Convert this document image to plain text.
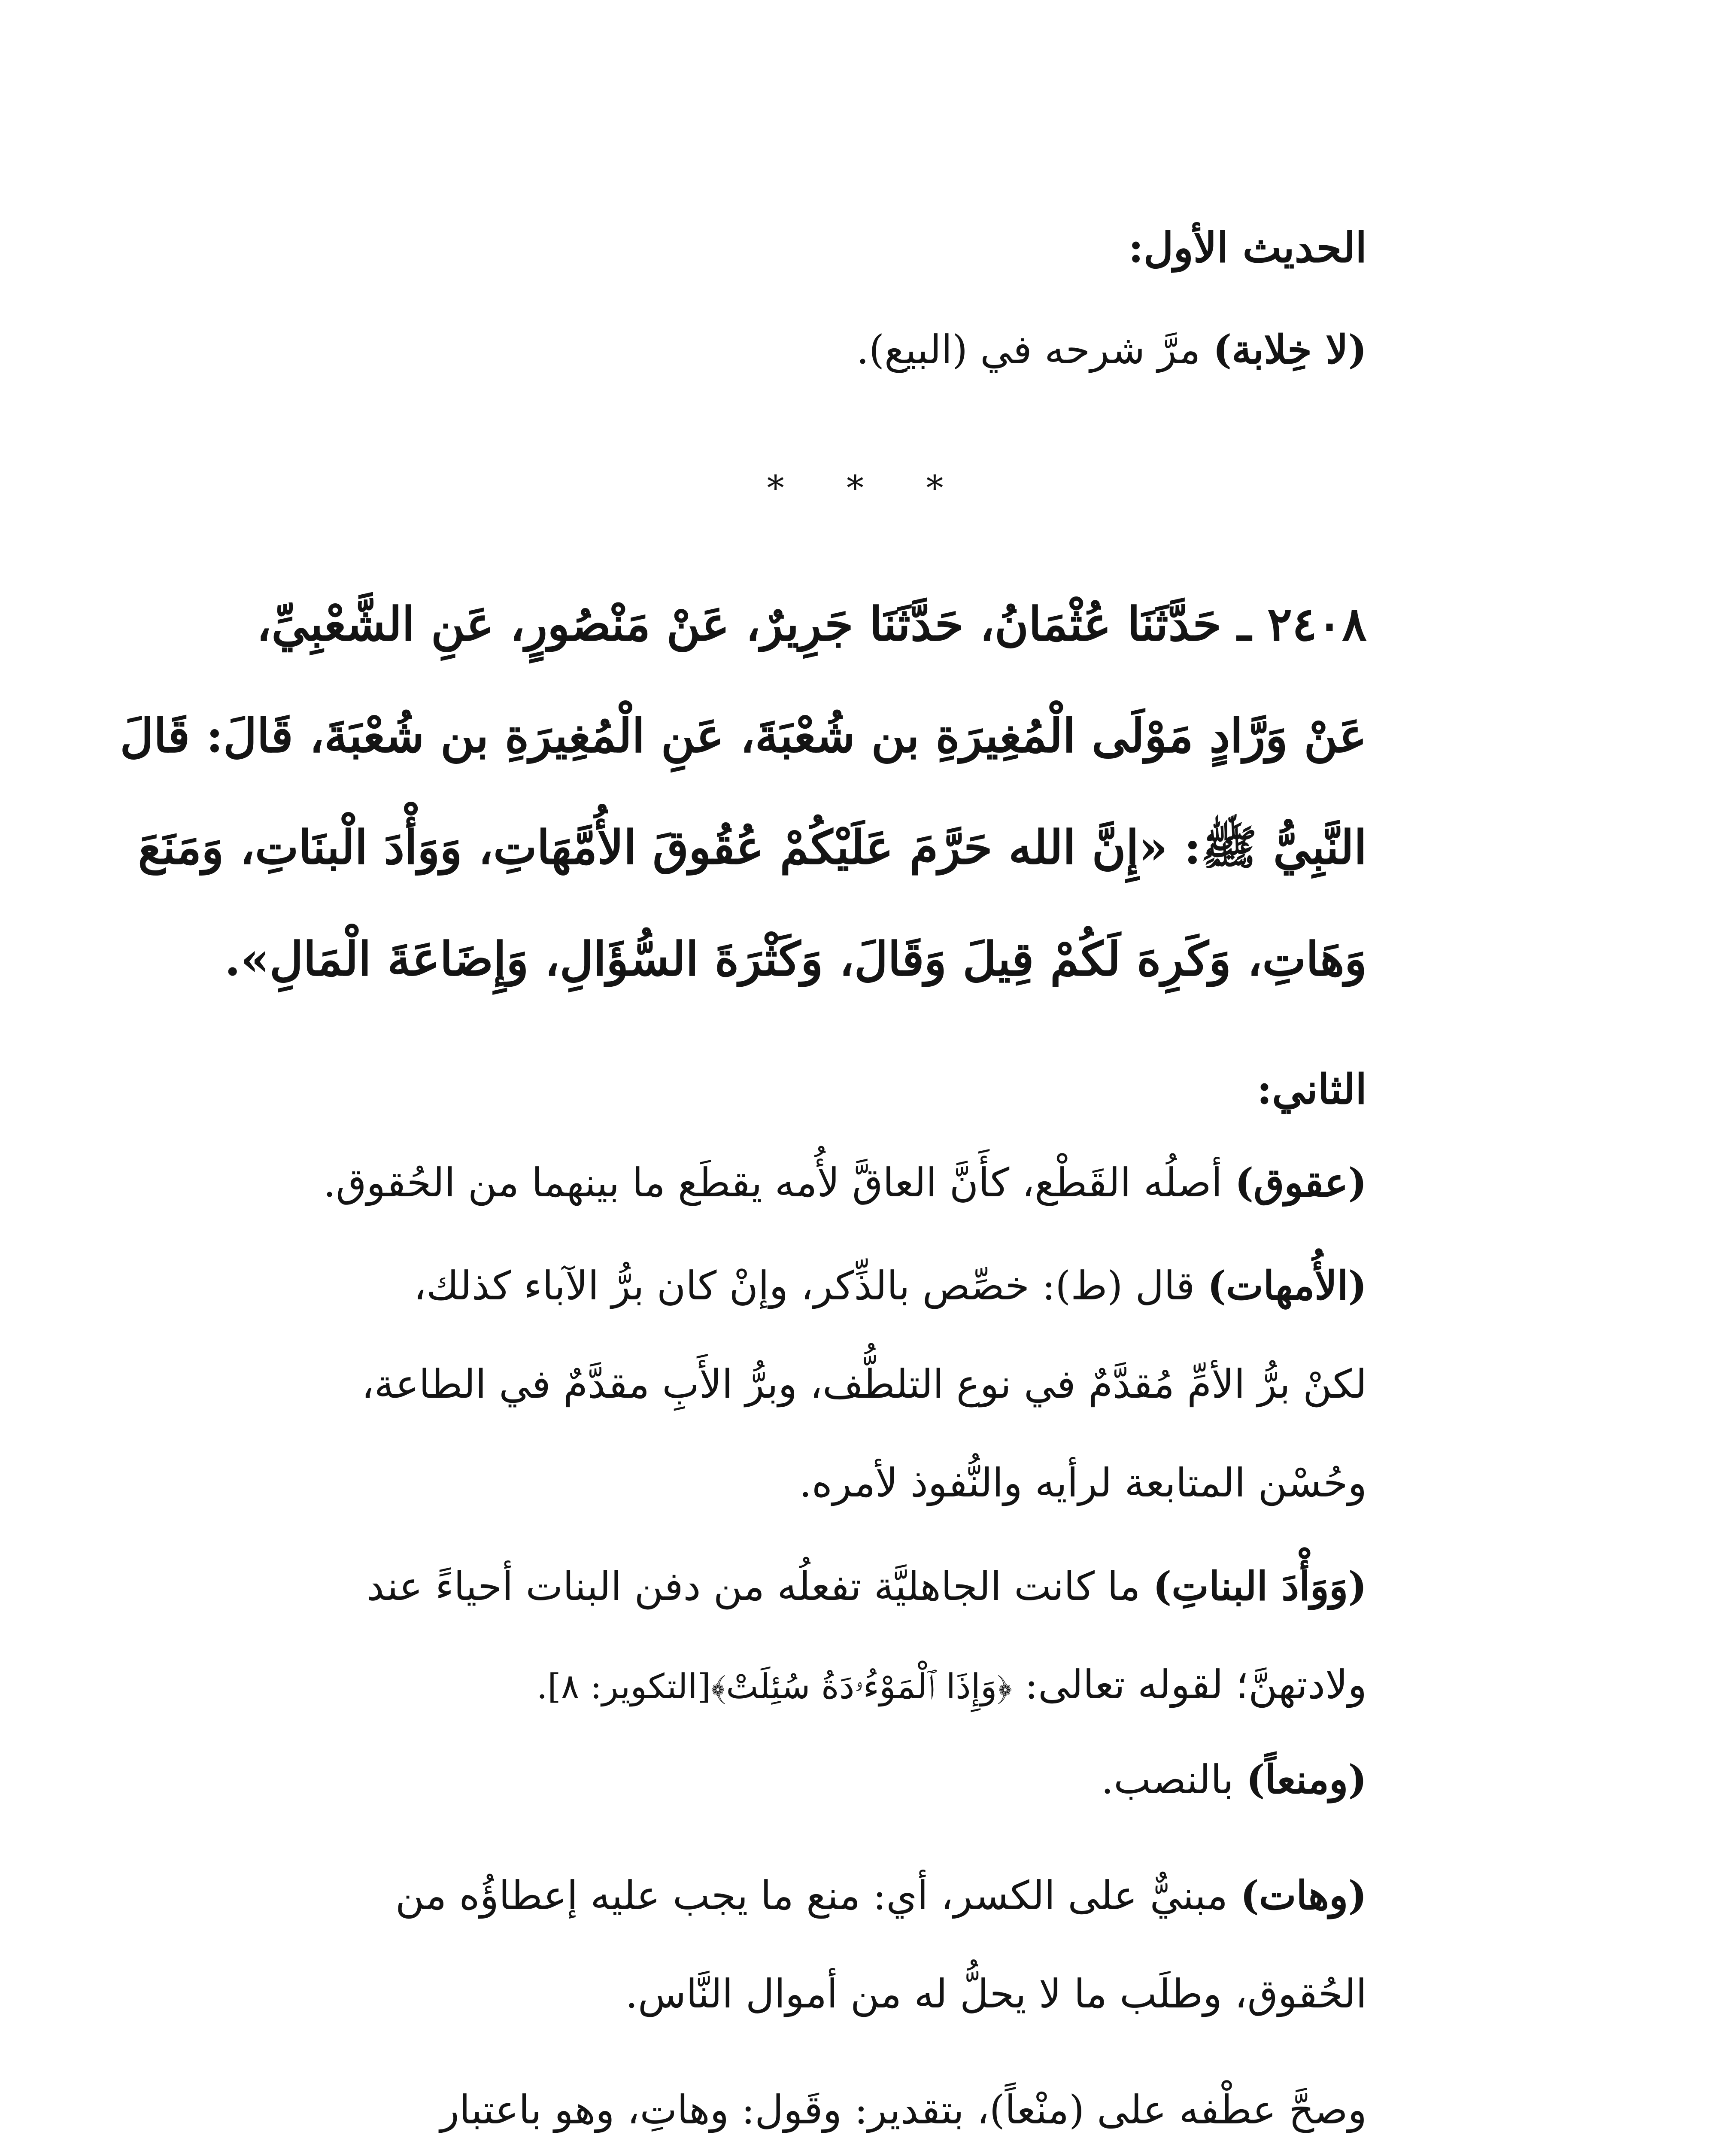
الحديث الأول:
(لا خِلابة) مرَّ شرحه في (البيع).
* * *
٢٤٠٨ ـ حَدَّثَنَا عُثْمَانُ، حَدَّثَنَا جَرِيرٌ، عَنْ مَنْصُورٍ، عَنِ الشَّعْبِيِّ،
عَنْ وَرَّادٍ مَوْلَى الْمُغِيرَةِ بن شُعْبَةَ، عَنِ الْمُغِيرَةِ بن شُعْبَةَ، قَالَ: قَالَ
النَّبِيُّ ﷺ: «إِنَّ الله حَرَّمَ عَلَيْكُمْ عُقُوقَ الأُمَّهَاتِ، وَوَأْدَ الْبنَاتِ، وَمَنَعَ
وَهَاتِ، وَكَرِهَ لَكُمْ قِيلَ وَقَالَ، وَكَثْرَةَ السُّؤَالِ، وَإِضَاعَةَ الْمَالِ».
الثاني:
(عقوق) أصلُه القَطْع، كأَنَّ العاقَّ لأُمه يقطَع ما بينهما من الحُقوق.
(الأُمهات) قال (ط): خصِّص بالذِّكر، وإنْ كان برُّ الآباء كذلك،
لكنْ برُّ الأمِّ مُقدَّمٌ في نوع التلطُّف، وبرُّ الأَبِ مقدَّمٌ في الطاعة،
وحُسْن المتابعة لرأيه والنُّفوذ لأمره.
(وَوَأْدَ البناتِ) ما كانت الجاهليَّة تفعلُه من دفن البنات أحياءً عند
ولادتهنَّ؛ لقوله تعالى: ﴿وَإِذَا ٱلْمَوْءُۥدَةُ سُئِلَتْ﴾[التكوير: ٨].
(ومنعاً) بالنصب.
(وهات) مبنيٌّ على الكسر، أي: منع ما يجب عليه إعطاؤُه من
الحُقوق، وطلَب ما لا يحلُّ له من أموال النَّاس.
وصحَّ عطْفه على (منْعاً)، بتقدير: وقَول: وهاتِ، وهو باعتبار
